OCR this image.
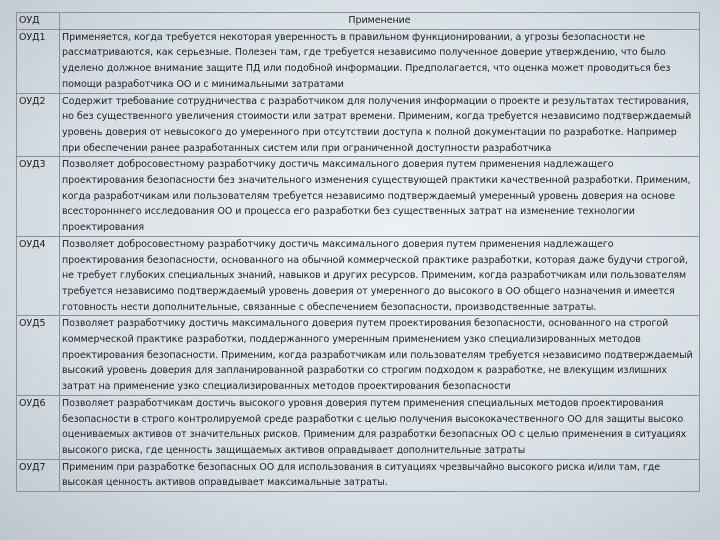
ОУД	Применение
ОУД1	Применяется, когда требуется некоторая уверенность в правильном функционировании, а угрозы безопасности не рассматриваются, как серьезные. Полезен там, где требуется независимо полученное доверие утверждению, что было уделено должное внимание защите ПД или подобной информации. Предполагается, что оценка может проводиться без помощи разработчика ОО и с минимальными затратами
ОУД2	Содержит требование сотрудничества с разработчиком для получения информации о проекте и результатах тестирования, но без существенного увеличения стоимости или затрат времени. Применим, когда требуется независимо подтверждаемый уровень доверия от невысокого до умеренного при отсутствии доступа к полной документации по разработке. Например при обеспечении ранее разработанных систем или при ограниченной доступности разработчика
ОУД3	Позволяет добросовестному разработчику достичь максимального доверия путем применения надлежащего проектирования безопасности без значительного изменения существующей практики качественной разработки. Применим, когда разработчикам или пользователям требуется независимо подтверждаемый умеренный уровень доверия на основе всесторонннего исследования ОО и процесса его разработки без существенных затрат на изменение технологии проектирования
ОУД4	Позволяет добросовестному разработчику достичь максимального доверия путем применения надлежащего проектирования безопасности, основанного на обычной коммерческой практике разработки, которая даже будучи строгой, не требует глубоких специальных знаний, навыков и других ресурсов. Применим, когда разработчикам или пользователям требуется независимо подтверждаемый уровень доверия от умеренного до высокого в ОО общего назначения и имеется готовность нести дополнительные, связанные с обеспечением безопасности, производственные затраты.
ОУД5	Позволяет разработчику достичь максимального доверия путем проектирования безопасности, основанного на строгой коммерческой практике разработки, поддержанного умеренным применением узко специализированных методов проектирования безопасности. Применим, когда разработчикам или пользователям требуется независимо подтверждаемый высокий уровень доверия для запланированной разработки со строгим подходом к разработке, не влекущим излишних затрат на применение узко специализированных методов проектирования безопасности
ОУД6	Позволяет разработчикам достичь высокого уровня доверия путем применения специальных методов проектирования безопасности в строго контролируемой среде разработки с целью получения высококачественного ОО для защиты высоко оцениваемых активов от значительных рисков. Применим для разработки безопасных ОО с целью применения в ситуациях высокого риска, где ценность защищаемых активов оправдывает дополнительные затраты
ОУД7	Применим при разработке безопасных ОО для использования в ситуациях чрезвычайно высокого риска и/или там, где высокая ценность активов оправдывает максимальные затраты.
